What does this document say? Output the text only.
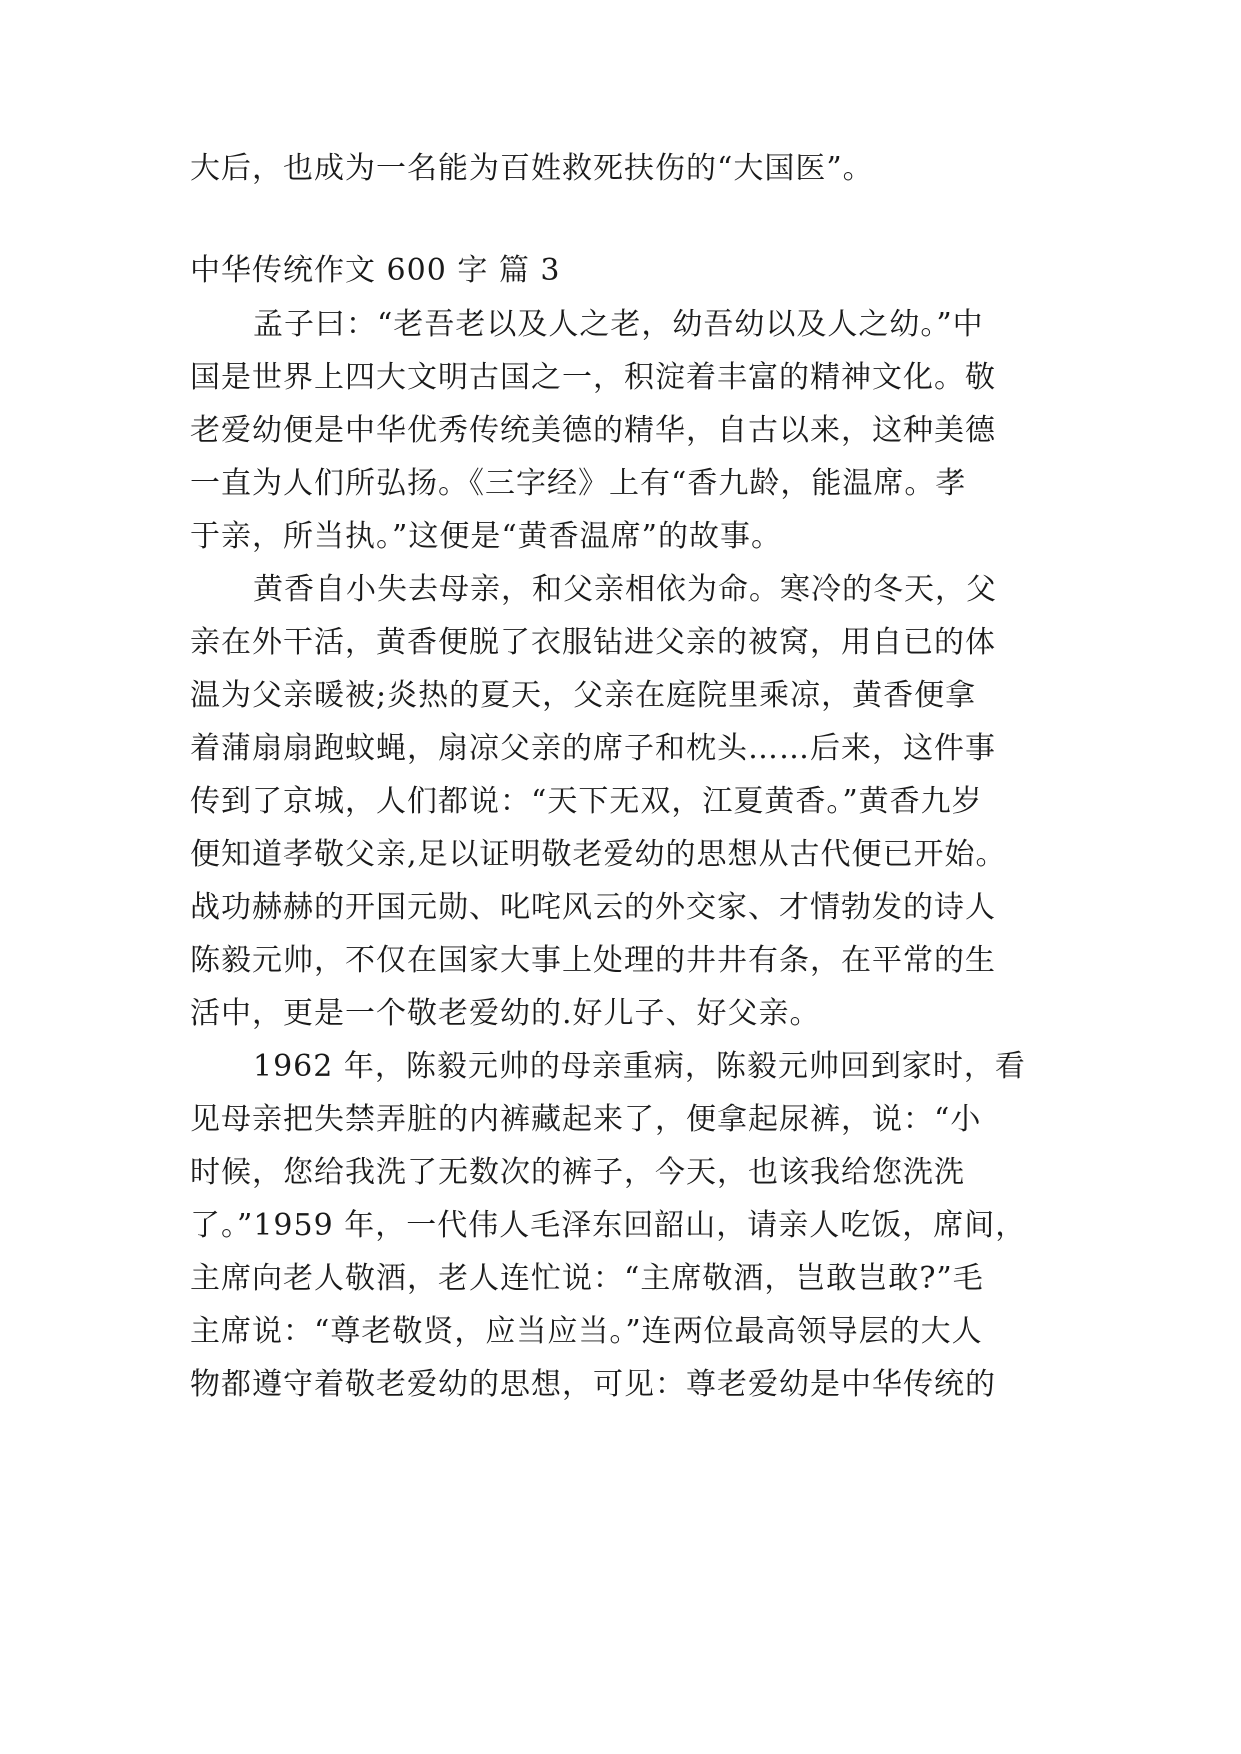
大后，也成为一名能为百姓救死扶伤的“大国医”。
中华传统作文 600 字 篇 3
孟子曰：“老吾老以及人之老，幼吾幼以及人之幼。”中
国是世界上四大文明古国之一，积淀着丰富的精神文化。敬
老爱幼便是中华优秀传统美德的精华，自古以来，这种美德
一直为人们所弘扬。《三字经》上有“香九龄，能温席。孝
于亲，所当执。”这便是“黄香温席”的故事。
黄香自小失去母亲，和父亲相依为命。寒冷的冬天，父
亲在外干活，黄香便脱了衣服钻进父亲的被窝，用自已的体
温为父亲暖被;炎热的夏天，父亲在庭院里乘凉，黄香便拿
着蒲扇扇跑蚊蝇，扇凉父亲的席子和枕头……后来，这件事
传到了京城，人们都说：“天下无双，江夏黄香。”黄香九岁
便知道孝敬父亲,足以证明敬老爱幼的思想从古代便已开始。
战功赫赫的开国元勋、叱咤风云的外交家、才情勃发的诗人
陈毅元帅，不仅在国家大事上处理的井井有条，在平常的生
活中，更是一个敬老爱幼的.好儿子、好父亲。
1962 年，陈毅元帅的母亲重病，陈毅元帅回到家时，看
见母亲把失禁弄脏的内裤藏起来了，便拿起尿裤，说：“小
时候，您给我洗了无数次的裤子，今天，也该我给您洗洗
了。”1959 年，一代伟人毛泽东回韶山，请亲人吃饭，席间，
主席向老人敬酒，老人连忙说：“主席敬酒，岂敢岂敢?”毛
主席说：“尊老敬贤，应当应当。”连两位最高领导层的大人
物都遵守着敬老爱幼的思想，可见：尊老爱幼是中华传统的
